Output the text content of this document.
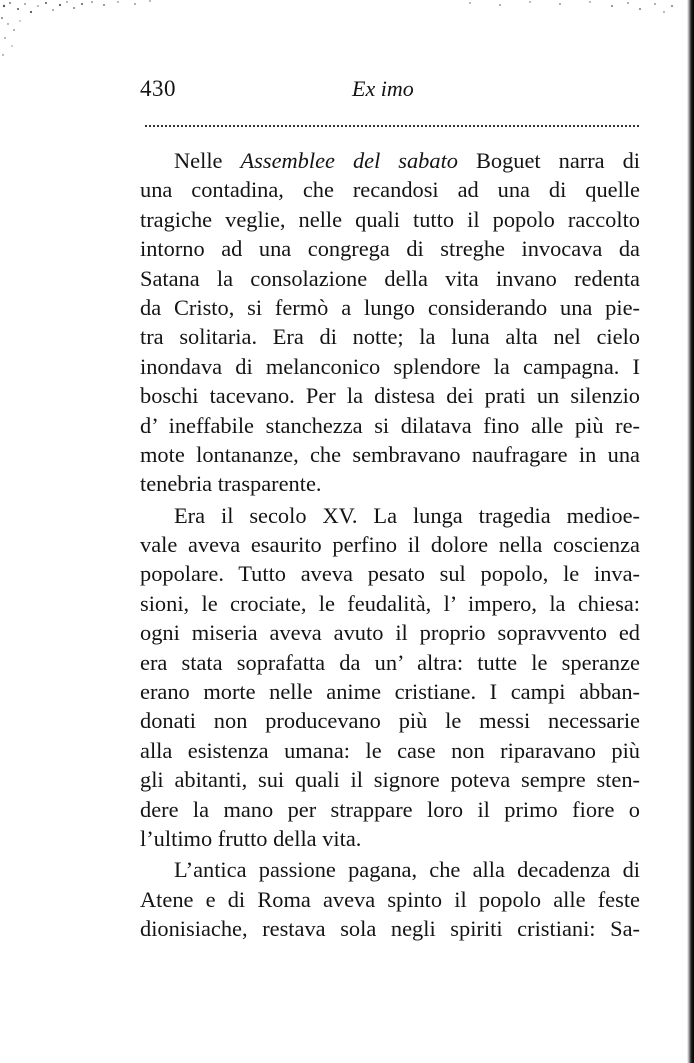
430	Ex imo
Nelle Assemblee del sabato Boguet narra di
una contadina, che recandosi ad una di quelle
tragiche veglie, nelle quali tutto il popolo raccolto
intorno ad una congrega di streghe invocava da
Satana la consolazione della vita invano redenta
da Cristo, si fermò a lungo considerando una pie-
tra solitaria. Era di notte; la luna alta nel cielo
inondava di melanconico splendore la campagna. I
boschi tacevano. Per la distesa dei prati un silenzio
d’ ineffabile stanchezza si dilatava fino alle più re-
mote lontananze, che sembravano naufragare in una
tenebria trasparente.
Era il secolo XV. La lunga tragedia medioe-
vale aveva esaurito perfino il dolore nella coscienza
popolare. Tutto aveva pesato sul popolo, le inva-
sioni, le crociate, le feudalità, l’ impero, la chiesa:
ogni miseria aveva avuto il proprio sopravvento ed
era stata soprafatta da un’ altra: tutte le speranze
erano morte nelle anime cristiane. I campi abban-
donati non producevano più le messi necessarie
alla esistenza umana: le case non riparavano più
gli abitanti, sui quali il signore poteva sempre sten-
dere la mano per strappare loro il primo fiore o
l’ultimo frutto della vita.
L’antica passione pagana, che alla decadenza di
Atene e di Roma aveva spinto il popolo alle feste
dionisiache, restava sola negli spiriti cristiani: Sa-
